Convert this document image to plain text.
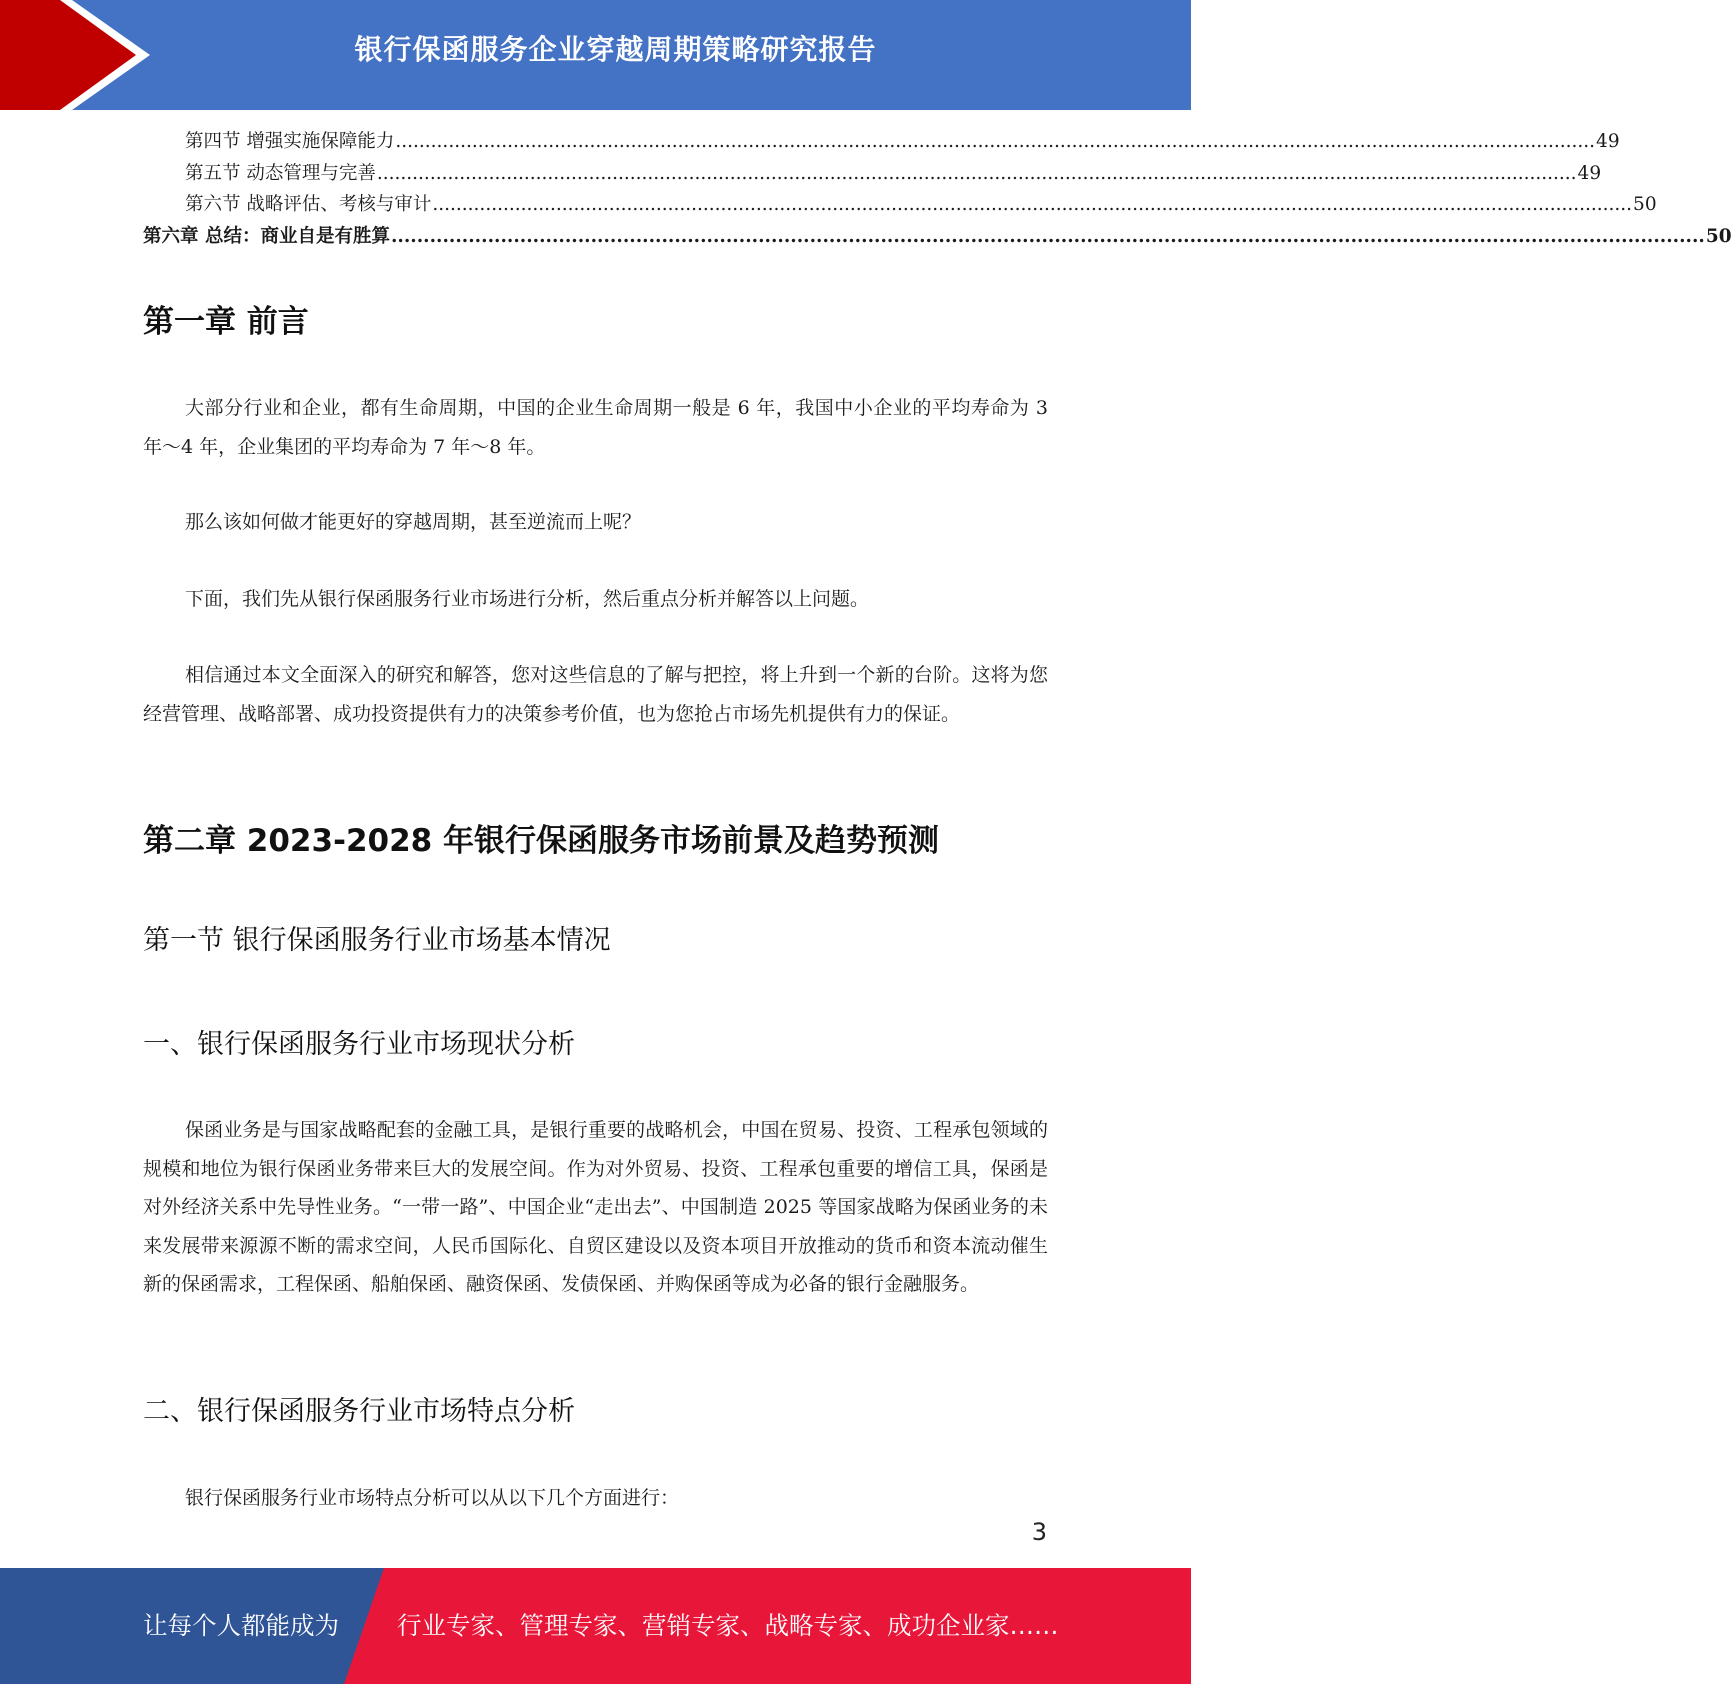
银行保函服务企业穿越周期策略研究报告
第四节 增强实施保障能力 ............................................................................................................................................................................................................ 49
第五节 动态管理与完善 ............................................................................................................................................................................................................ 49
第六节 战略评估、考核与审计 ............................................................................................................................................................................................................ 50
第六章 总结：商业自是有胜算 ............................................................................................................................................................................................................ 50
第一章 前言

大部分行业和企业，都有生命周期，中国的企业生命周期一般是 6 年，我国中小企业的平均寿命为 3 年～4 年，企业集团的平均寿命为 7 年～8 年。

那么该如何做才能更好的穿越周期，甚至逆流而上呢？

下面，我们先从银行保函服务行业市场进行分析，然后重点分析并解答以上问题。

相信通过本文全面深入的研究和解答，您对这些信息的了解与把控，将上升到一个新的台阶。这将为您经营管理、战略部署、成功投资提供有力的决策参考价值，也为您抢占市场先机提供有力的保证。

第二章 2023-2028 年银行保函服务市场前景及趋势预测
第一节 银行保函服务行业市场基本情况
一、银行保函服务行业市场现状分析

保函业务是与国家战略配套的金融工具，是银行重要的战略机会，中国在贸易、投资、工程承包领域的规模和地位为银行保函业务带来巨大的发展空间。作为对外贸易、投资、工程承包重要的增信工具，保函是对外经济关系中先导性业务。“一带一路”、中国企业“走出去”、中国制造 2025 等国家战略为保函业务的未来发展带来源源不断的需求空间，人民币国际化、自贸区建设以及资本项目开放推动的货币和资本流动催生新的保函需求，工程保函、船舶保函、融资保函、发债保函、并购保函等成为必备的银行金融服务。

二、银行保函服务行业市场特点分析

银行保函服务行业市场特点分析可以从以下几个方面进行：

3
让每个人都能成为 行业专家、管理专家、营销专家、战略专家、成功企业家……
